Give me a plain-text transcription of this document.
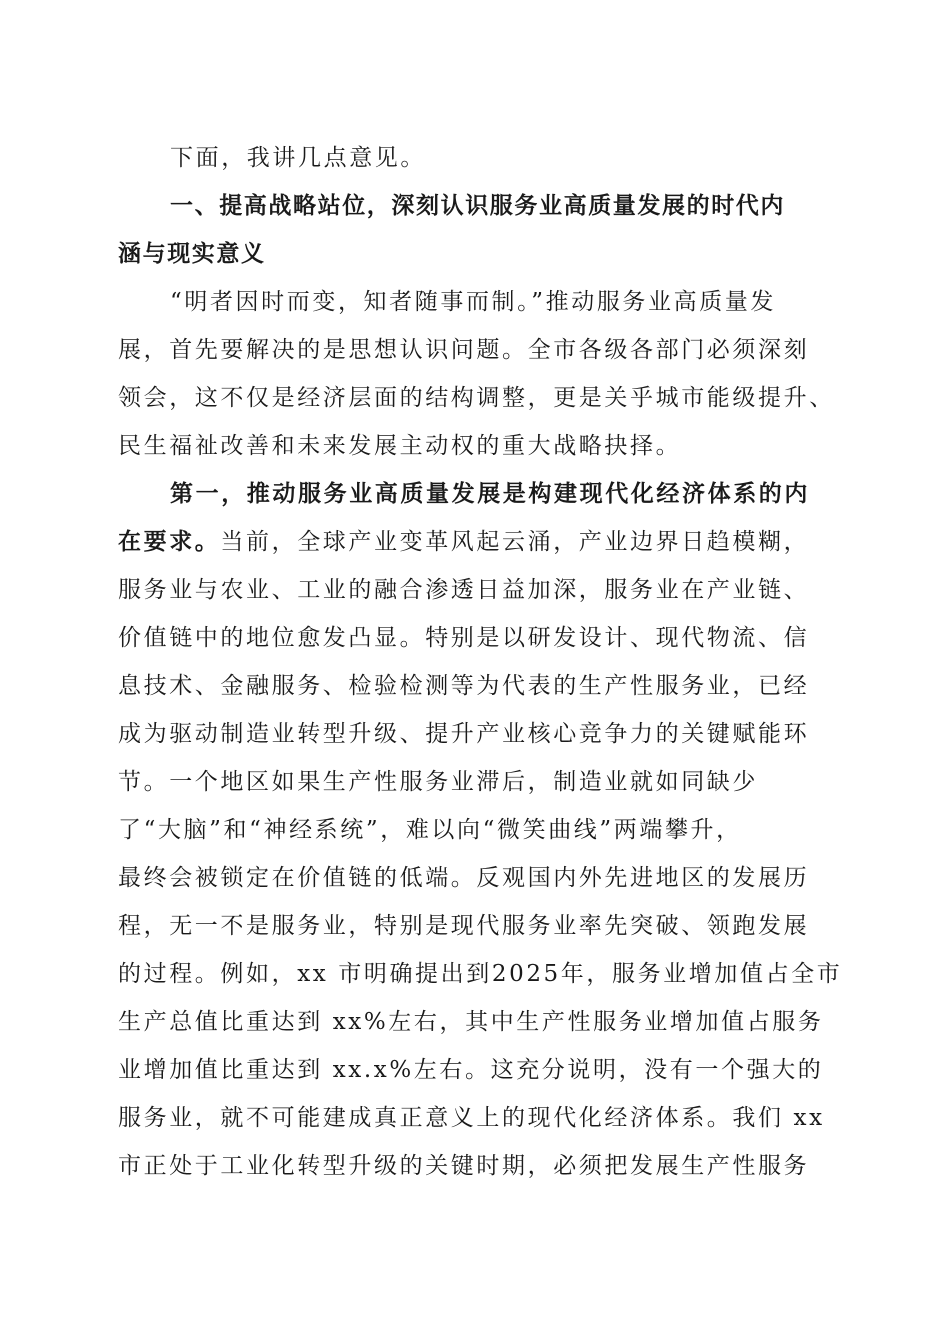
下面，我讲几点意见。
一、提高战略站位，深刻认识服务业高质量发展的时代内
涵与现实意义
“明者因时而变，知者随事而制。”推动服务业高质量发
展，首先要解决的是思想认识问题。全市各级各部门必须深刻
领会，这不仅是经济层面的结构调整，更是关乎城市能级提升、
民生福祉改善和未来发展主动权的重大战略抉择。
第一，推动服务业高质量发展是构建现代化经济体系的内
在要求。当前，全球产业变革风起云涌，产业边界日趋模糊，
服务业与农业、工业的融合渗透日益加深，服务业在产业链、
价值链中的地位愈发凸显。特别是以研发设计、现代物流、信
息技术、金融服务、检验检测等为代表的生产性服务业，已经
成为驱动制造业转型升级、提升产业核心竞争力的关键赋能环
节。一个地区如果生产性服务业滞后，制造业就如同缺少
了“大脑”和“神经系统”，难以向“微笑曲线”两端攀升，
最终会被锁定在价值链的低端。反观国内外先进地区的发展历
程，无一不是服务业，特别是现代服务业率先突破、领跑发展
的过程。例如，xx 市明确提出到2025年，服务业增加值占全市
生产总值比重达到 xx%左右，其中生产性服务业增加值占服务
业增加值比重达到 xx.x%左右。这充分说明，没有一个强大的
服务业，就不可能建成真正意义上的现代化经济体系。我们 xx
市正处于工业化转型升级的关键时期，必须把发展生产性服务
